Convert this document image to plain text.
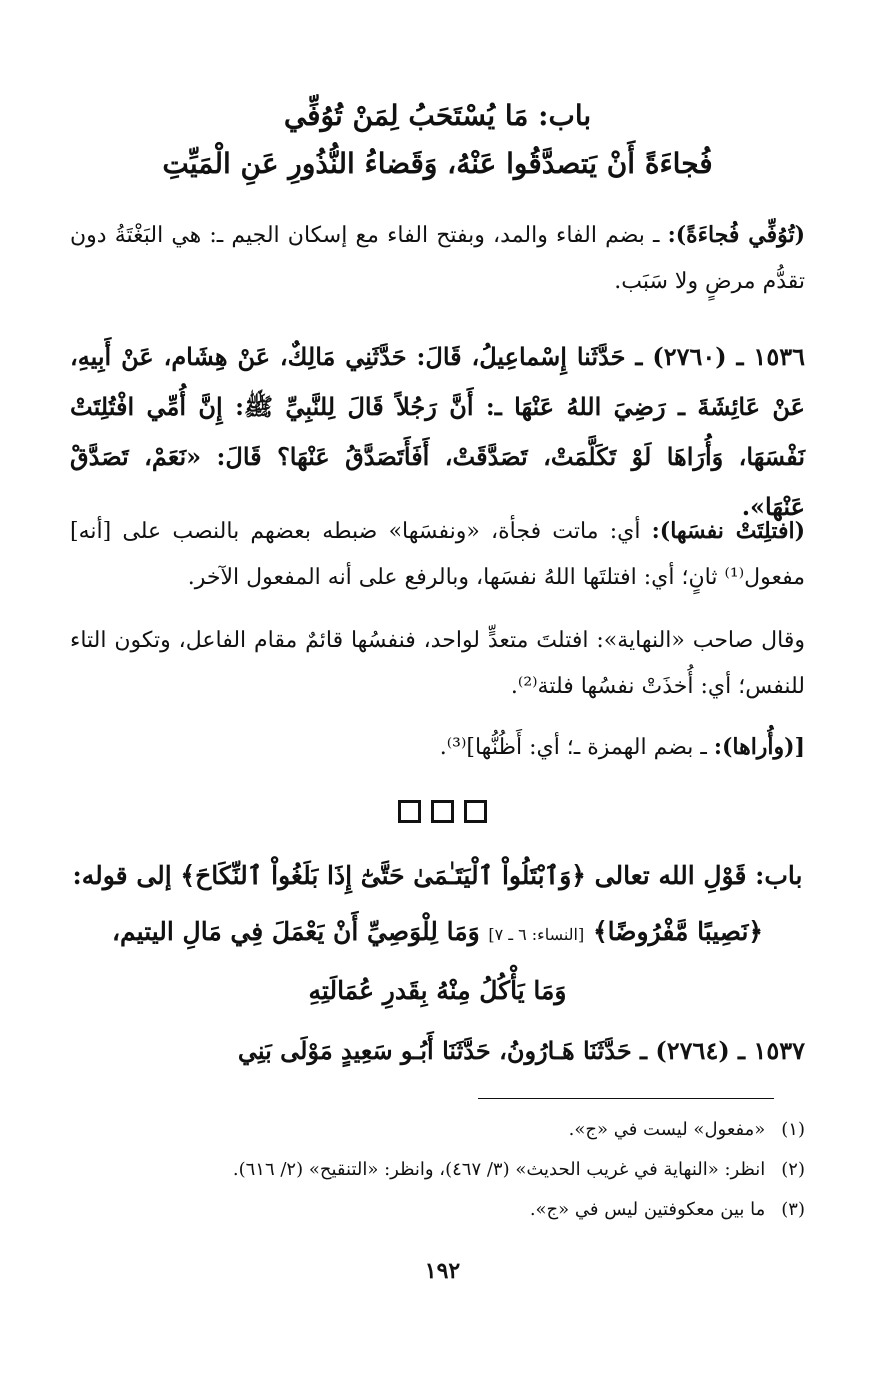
باب: مَا يُسْتَحَبُ لِمَنْ تُوُفِّي
فُجاءَةً أَنْ يَتصدَّقُوا عَنْهُ، وَقَضاءُ النُّذُورِ عَنِ الْمَيِّتِ
(تُوُفِّي فُجاءَةً): ـ بضم الفاء والمد، وبفتح الفاء مع إسكان الجيم ـ: هي البَغْتَةُ دون تقدُّم مرضٍ ولا سَبَب.
١٥٣٦ ـ (٢٧٦٠) ـ حَدَّثَنا إِسْماعِيلُ، قَالَ: حَدَّثَنِي مَالِكٌ، عَنْ هِشَام، عَنْ أَبِيهِ، عَنْ عَائِشَةَ ـ رَضِيَ اللهُ عَنْهَا ـ: أَنَّ رَجُلاً قَالَ لِلنَّبِيِّ ﷺ: إِنَّ أُمِّي افْتُلِتَتْ نَفْسَهَا، وَأُرَاهَا لَوْ تَكَلَّمَتْ، تَصَدَّقَتْ، أَفَأَتَصَدَّقُ عَنْهَا؟ قَالَ: «نَعَمْ، تَصَدَّقْ عَنْهَا».
(افتلِتَتْ نفسَها): أي: ماتت فجأة، «ونفسَها» ضبطه بعضهم بالنصب على [أنه] مفعول⁽¹⁾ ثانٍ؛ أي: افتلتَها اللهُ نفسَها، وبالرفع على أنه المفعول الآخر.
وقال صاحب «النهاية»: افتلتَ متعدٍّ لواحد، فنفسُها قائمٌ مقام الفاعل، وتكون التاء للنفس؛ أي: أُخذَتْ نفسُها فلتة⁽²⁾.
[(وأُراها): ـ بضم الهمزة ـ؛ أي: أَظُنُّها]⁽³⁾.
باب: قَوْلِ الله تعالى ﴿وَٱبْتَلُواْ ٱلْيَتَـٰمَىٰ حَتَّىٰٓ إِذَا بَلَغُواْ ٱلنِّكَاحَ﴾ إلى قوله: ﴿نَصِيبًا مَّفْرُوضًا﴾ [النساء: ٦ ـ ٧] وَمَا لِلْوَصِيِّ أَنْ يَعْمَلَ فِي مَالِ اليتيم،
وَمَا يَأْكُلُ مِنْهُ بِقَدرِ عُمَالَتِهِ
١٥٣٧ ـ (٢٧٦٤) ـ حَدَّثَنَا هَـارُونُ، حَدَّثَنَا أَبُـو سَعِيدٍ مَوْلَى بَنِي
(١) «مفعول» ليست في «ج».
(٢) انظر: «النهاية في غريب الحديث» (٣/ ٤٦٧)، وانظر: «التنقيح» (٢/ ٦١٦).
(٣) ما بين معكوفتين ليس في «ج».
١٩٢
